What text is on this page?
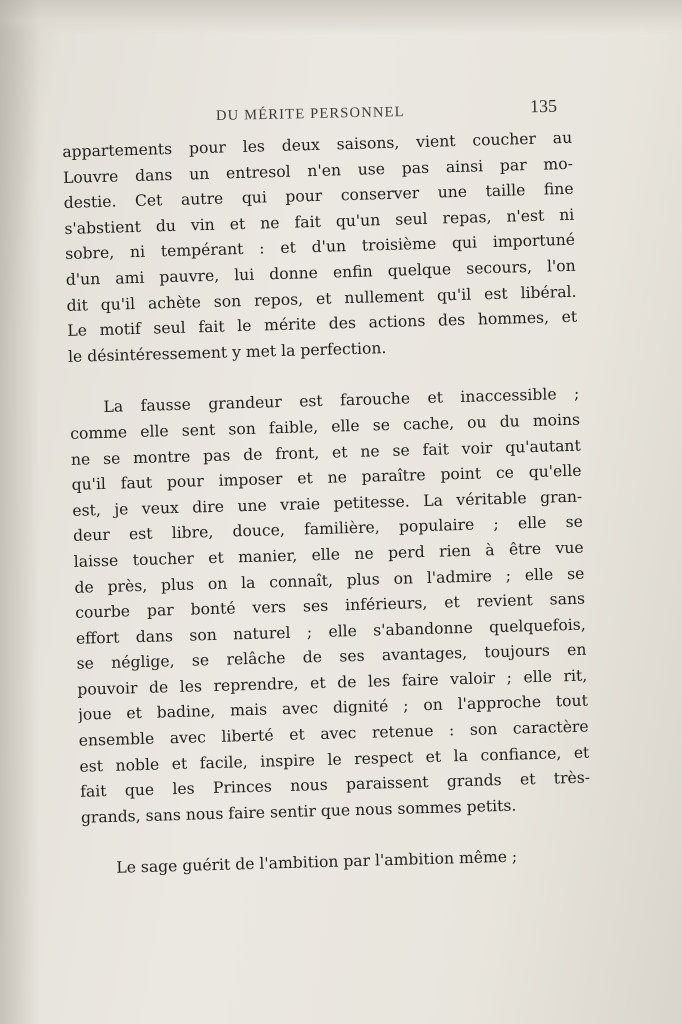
DU MÉRITE PERSONNEL	135
appartements pour les deux saisons, vient coucher au
Louvre dans un entresol n'en use pas ainsi par mo-
destie. Cet autre qui pour conserver une taille fine
s'abstient du vin et ne fait qu'un seul repas, n'est ni
sobre, ni tempérant : et d'un troisième qui importuné
d'un ami pauvre, lui donne enfin quelque secours, l'on
dit qu'il achète son repos, et nullement qu'il est libéral.
Le motif seul fait le mérite des actions des hommes, et
le désintéressement y met la perfection.
La fausse grandeur est farouche et inaccessible ;
comme elle sent son faible, elle se cache, ou du moins
ne se montre pas de front, et ne se fait voir qu'autant
qu'il faut pour imposer et ne paraître point ce qu'elle
est, je veux dire une vraie petitesse. La véritable gran-
deur est libre, douce, familière, populaire ; elle se
laisse toucher et manier, elle ne perd rien à être vue
de près, plus on la connaît, plus on l'admire ; elle se
courbe par bonté vers ses inférieurs, et revient sans
effort dans son naturel ; elle s'abandonne quelquefois,
se néglige, se relâche de ses avantages, toujours en
pouvoir de les reprendre, et de les faire valoir ; elle rit,
joue et badine, mais avec dignité ; on l'approche tout
ensemble avec liberté et avec retenue : son caractère
est noble et facile, inspire le respect et la confiance, et
fait que les Princes nous paraissent grands et très-
grands, sans nous faire sentir que nous sommes petits.
Le sage guérit de l'ambition par l'ambition même ;
